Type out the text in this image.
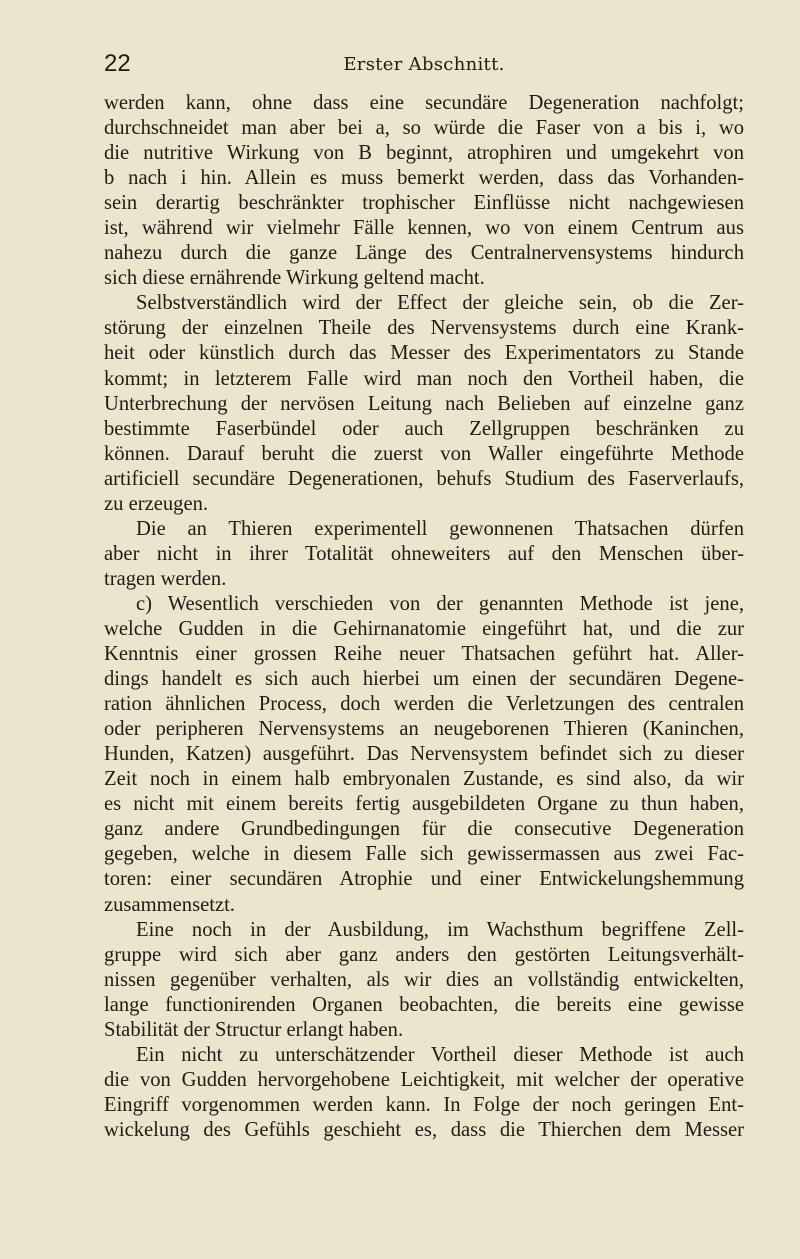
22	Erster Abschnitt.
werden kann, ohne dass eine secundäre Degeneration nachfolgt;
durchschneidet man aber bei a, so würde die Faser von a bis i, wo
die nutritive Wirkung von B beginnt, atrophiren und umgekehrt von
b nach i hin. Allein es muss bemerkt werden, dass das Vorhanden-
sein derartig beschränkter trophischer Einflüsse nicht nachgewiesen
ist, während wir vielmehr Fälle kennen, wo von einem Centrum aus
nahezu durch die ganze Länge des Centralnervensystems hindurch
sich diese ernährende Wirkung geltend macht.
Selbstverständlich wird der Effect der gleiche sein, ob die Zer-
störung der einzelnen Theile des Nervensystems durch eine Krank-
heit oder künstlich durch das Messer des Experimentators zu Stande
kommt; in letzterem Falle wird man noch den Vortheil haben, die
Unterbrechung der nervösen Leitung nach Belieben auf einzelne ganz
bestimmte Faserbündel oder auch Zellgruppen beschränken zu
können. Darauf beruht die zuerst von Waller eingeführte Methode
artificiell secundäre Degenerationen, behufs Studium des Faserverlaufs,
zu erzeugen.
Die an Thieren experimentell gewonnenen Thatsachen dürfen
aber nicht in ihrer Totalität ohneweiters auf den Menschen über-
tragen werden.
c) Wesentlich verschieden von der genannten Methode ist jene,
welche Gudden in die Gehirnanatomie eingeführt hat, und die zur
Kenntnis einer grossen Reihe neuer Thatsachen geführt hat. Aller-
dings handelt es sich auch hierbei um einen der secundären Degene-
ration ähnlichen Process, doch werden die Verletzungen des centralen
oder peripheren Nervensystems an neugeborenen Thieren (Kaninchen,
Hunden, Katzen) ausgeführt. Das Nervensystem befindet sich zu dieser
Zeit noch in einem halb embryonalen Zustande, es sind also, da wir
es nicht mit einem bereits fertig ausgebildeten Organe zu thun haben,
ganz andere Grundbedingungen für die consecutive Degeneration
gegeben, welche in diesem Falle sich gewissermassen aus zwei Fac-
toren: einer secundären Atrophie und einer Entwickelungshemmung
zusammensetzt.
Eine noch in der Ausbildung, im Wachsthum begriffene Zell-
gruppe wird sich aber ganz anders den gestörten Leitungsverhält-
nissen gegenüber verhalten, als wir dies an vollständig entwickelten,
lange functionirenden Organen beobachten, die bereits eine gewisse
Stabilität der Structur erlangt haben.
Ein nicht zu unterschätzender Vortheil dieser Methode ist auch
die von Gudden hervorgehobene Leichtigkeit, mit welcher der operative
Eingriff vorgenommen werden kann. In Folge der noch geringen Ent-
wickelung des Gefühls geschieht es, dass die Thierchen dem Messer
